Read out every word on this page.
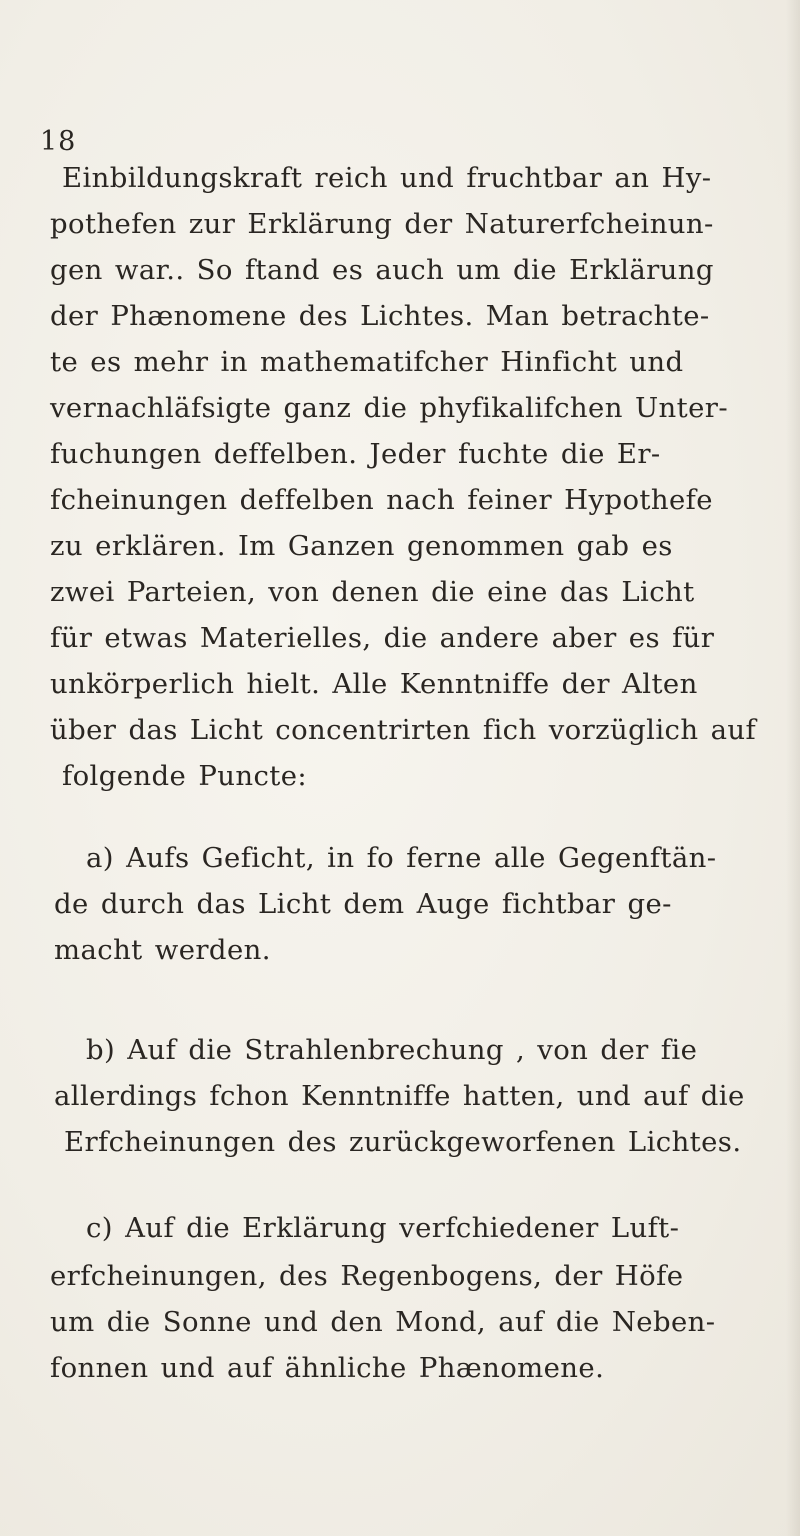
18
Einbildungskraft reich und fruchtbar an Hy-
pothefen zur Erklärung der Naturerfcheinun-
gen war.. So ftand es auch um die Erklärung
der Phænomene des Lichtes. Man betrachte-
te es mehr in mathematifcher Hinficht und
vernachläfsigte ganz die phyfikalifchen Unter-
fuchungen deffelben. Jeder fuchte die Er-
fcheinungen deffelben nach feiner Hypothefe
zu erklären. Im Ganzen genommen gab es
zwei Parteien, von denen die eine das Licht
für etwas Materielles, die andere aber es für
unkörperlich hielt. Alle Kenntniffe der Alten
über das Licht concentrirten fich vorzüglich auf
folgende Puncte:
a) Aufs Geficht, in fo ferne alle Gegenftän-
de durch das Licht dem Auge fichtbar ge-
macht werden.
b) Auf die Strahlenbrechung , von der fie
allerdings fchon Kenntniffe hatten, und auf die
Erfcheinungen des zurückgeworfenen Lichtes.
c) Auf die Erklärung verfchiedener Luft-
erfcheinungen, des Regenbogens, der Höfe
um die Sonne und den Mond, auf die Neben-
fonnen und auf ähnliche Phænomene.
